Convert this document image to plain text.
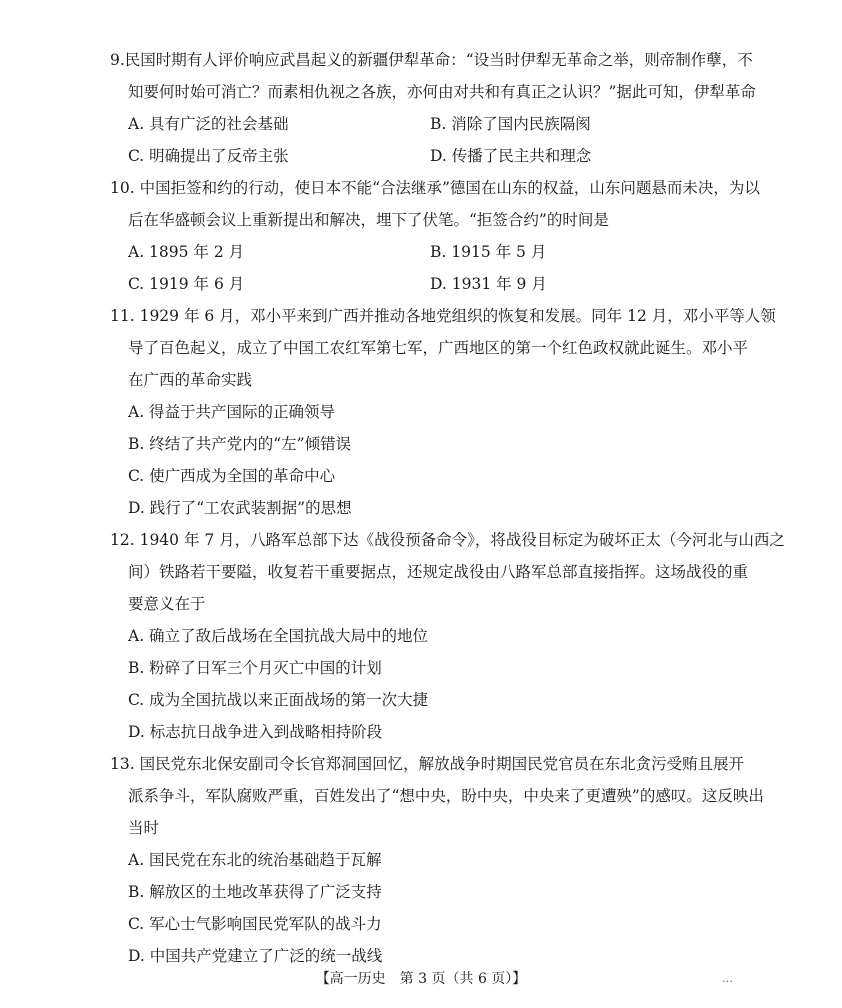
9.民国时期有人评价响应武昌起义的新疆伊犁革命：“设当时伊犁无革命之举，则帝制作孽，不
知要何时始可消亡？而素相仇视之各族，亦何由对共和有真正之认识？”据此可知，伊犁革命
A. 具有广泛的社会基础	B. 消除了国内民族隔阂
C. 明确提出了反帝主张	D. 传播了民主共和理念
10. 中国拒签和约的行动，使日本不能“合法继承”德国在山东的权益，山东问题悬而未决，为以
后在华盛顿会议上重新提出和解决，埋下了伏笔。“拒签合约”的时间是
A. 1895 年 2 月	B. 1915 年 5 月
C. 1919 年 6 月	D. 1931 年 9 月
11. 1929 年 6 月，邓小平来到广西并推动各地党组织的恢复和发展。同年 12 月，邓小平等人领
导了百色起义，成立了中国工农红军第七军，广西地区的第一个红色政权就此诞生。邓小平
在广西的革命实践
A. 得益于共产国际的正确领导
B. 终结了共产党内的“左”倾错误
C. 使广西成为全国的革命中心
D. 践行了“工农武装割据”的思想
12. 1940 年 7 月，八路军总部下达《战役预备命令》，将战役目标定为破坏正太（今河北与山西之
间）铁路若干要隘，收复若干重要据点，还规定战役由八路军总部直接指挥。这场战役的重
要意义在于
A. 确立了敌后战场在全国抗战大局中的地位
B. 粉碎了日军三个月灭亡中国的计划
C. 成为全国抗战以来正面战场的第一次大捷
D. 标志抗日战争进入到战略相持阶段
13. 国民党东北保安副司令长官郑洞国回忆，解放战争时期国民党官员在东北贪污受贿且展开
派系争斗，军队腐败严重，百姓发出了“想中央，盼中央，中央来了更遭殃”的感叹。这反映出
当时
A. 国民党在东北的统治基础趋于瓦解
B. 解放区的土地改革获得了广泛支持
C. 军心士气影响国民党军队的战斗力
D. 中国共产党建立了广泛的统一战线
【高一历史　第 3 页（共 6 页）】	…
